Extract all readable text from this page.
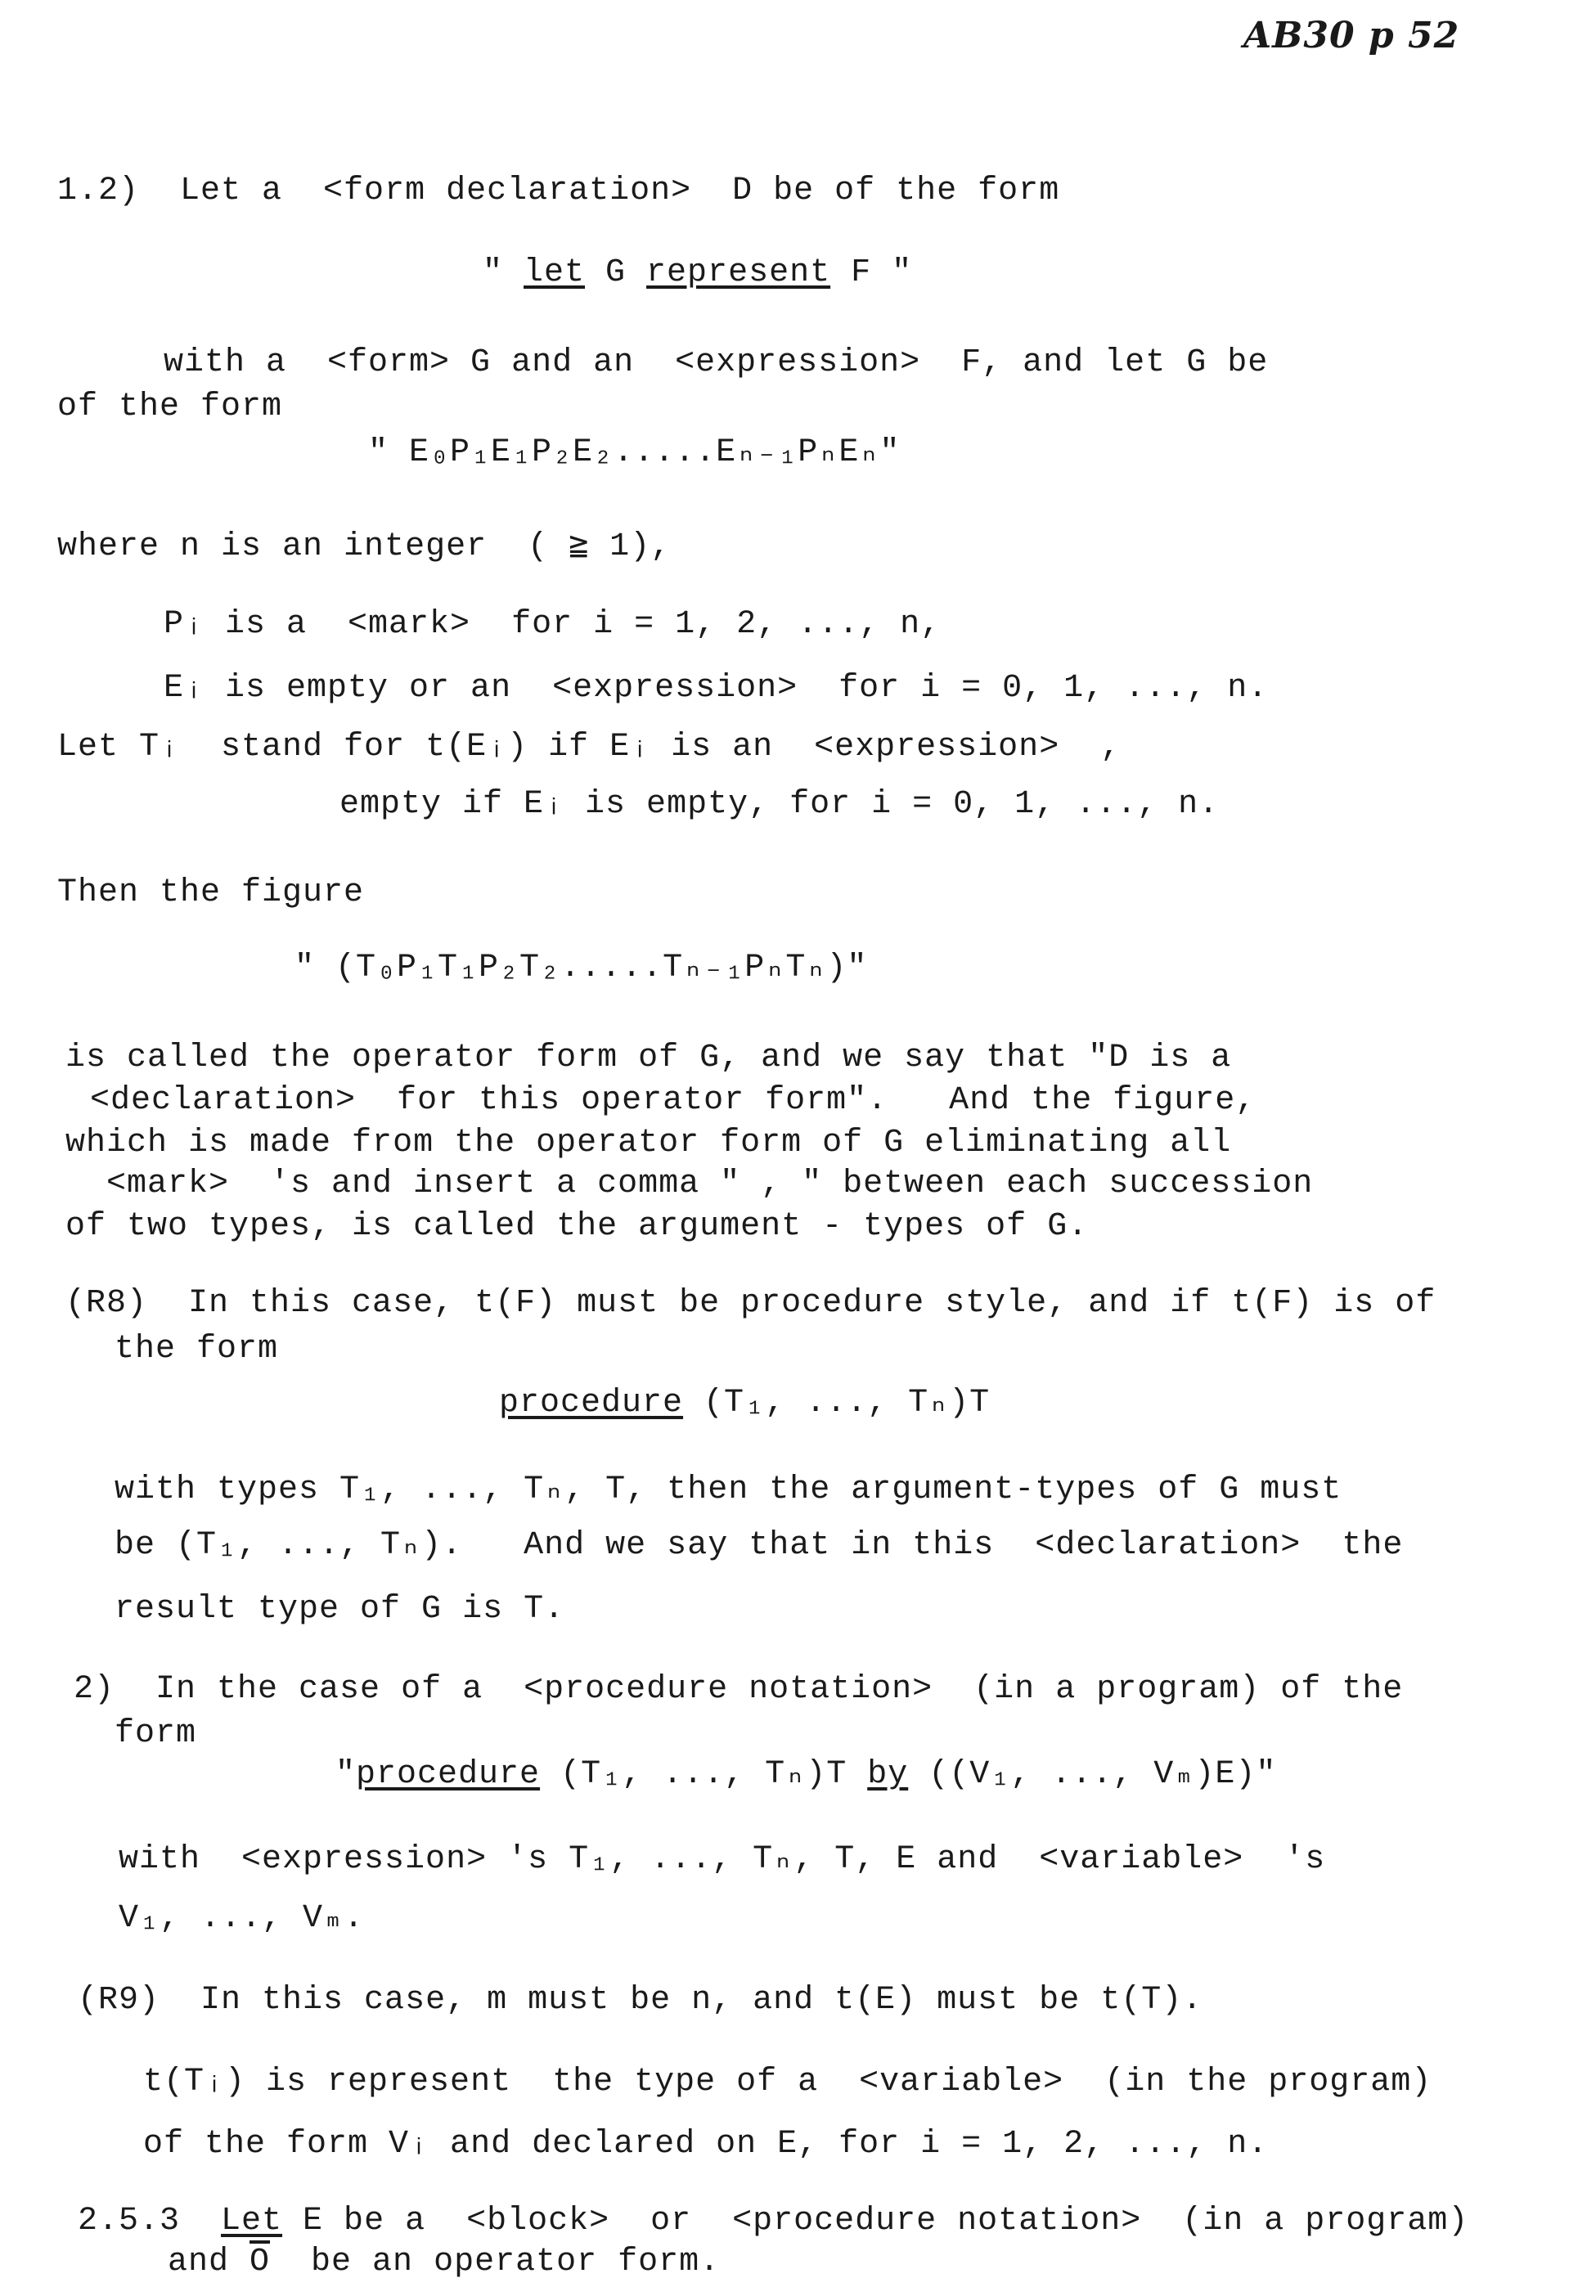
AB30 p 52
1.2)  Let a  <form declaration>  D be of the form
" let G represent F "
with a  <form> G and an  <expression>  F, and let G be
of the form
" E₀P₁E₁P₂E₂.....Eₙ₋₁PₙEₙ"
where n is an integer  ( ≧ 1),
Pᵢ is a  <mark>  for i = 1, 2, ..., n,
Eᵢ is empty or an  <expression>  for i = 0, 1, ..., n.
Let Tᵢ  stand for t(Eᵢ) if Eᵢ is an  <expression>  ,
empty if Eᵢ is empty, for i = 0, 1, ..., n.
Then the figure
" (T₀P₁T₁P₂T₂.....Tₙ₋₁PₙTₙ)"
is called the operator form of G, and we say that "D is a
<declaration>  for this operator form".   And the figure,
which is made from the operator form of G eliminating all
<mark>  's and insert a comma " , " between each succession
of two types, is called the argument - types of G.
(R8)  In this case, t(F) must be procedure style, and if t(F) is of
the form
procedure (T₁, ..., Tₙ)T
with types T₁, ..., Tₙ, T, then the argument-types of G must
be (T₁, ..., Tₙ).   And we say that in this  <declaration>  the
result type of G is T.
2)  In the case of a  <procedure notation>  (in a program) of the
form
"procedure (T₁, ..., Tₙ)T by ((V₁, ..., Vₘ)E)"
with  <expression> 's T₁, ..., Tₙ, T, E and  <variable>  's
V₁, ..., Vₘ.
(R9)  In this case, m must be n, and t(E) must be t(T).
t(Tᵢ) is represent  the type of a  <variable>  (in the program)
of the form Vᵢ and declared on E, for i = 1, 2, ..., n.
2.5.3  Let E be a  <block>  or  <procedure notation>  (in a program)
and $\overline{O}$  be an operator form.
